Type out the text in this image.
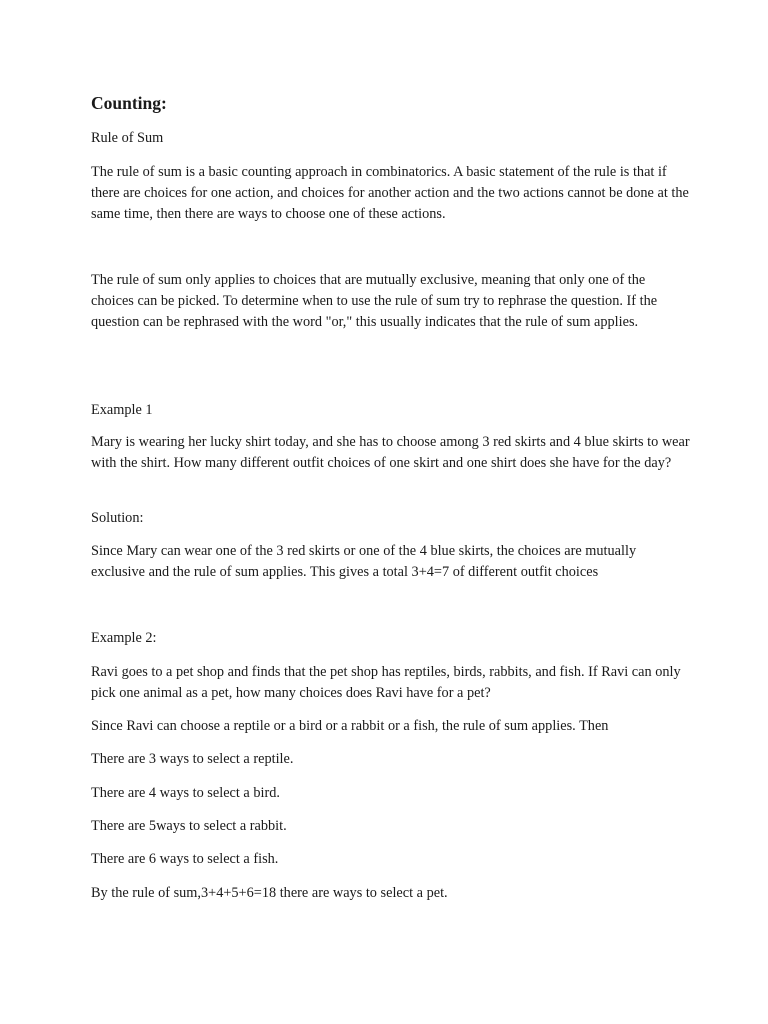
Counting:

Rule of Sum

The rule of sum is a basic counting approach in combinatorics. A basic statement of the rule is that if there are choices for one action, and choices for another action and the two actions cannot be done at the same time, then there are ways to choose one of these actions.

The rule of sum only applies to choices that are mutually exclusive, meaning that only one of the choices can be picked. To determine when to use the rule of sum try to rephrase the question. If the question can be rephrased with the word "or," this usually indicates that the rule of sum applies.

Example 1

Mary is wearing her lucky shirt today, and she has to choose among 3 red skirts and 4 blue skirts to wear with the shirt. How many different outfit choices of one skirt and one shirt does she have for the day?

Solution:

Since Mary can wear one of the 3 red skirts or one of the 4 blue skirts, the choices are mutually exclusive and the rule of sum applies. This gives a total 3+4=7 of different outfit choices

Example 2:

Ravi goes to a pet shop and finds that the pet shop has reptiles, birds, rabbits, and fish. If Ravi can only pick one animal as a pet, how many choices does Ravi have for a pet?

Since Ravi can choose a reptile or a bird or a rabbit or a fish, the rule of sum applies. Then

There are 3 ways to select a reptile.

There are 4 ways to select a bird.

There are 5ways to select a rabbit.

There are 6 ways to select a fish.

By the rule of sum,3+4+5+6=18 there are ways to select a pet.
